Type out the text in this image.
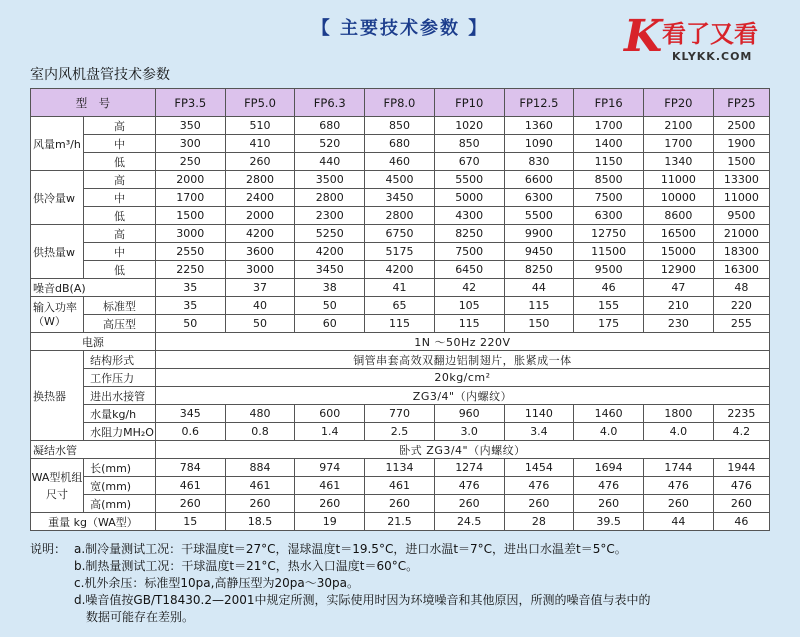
【 主要技术参数 】	K 看了又看
KLYKK.COM
室内风机盘管技术参数
型　号		FP3.5	FP5.0	FP6.3	FP8.0	FP10	FP12.5	FP16	FP20	FP25
风量m³/h	高	350	510	680	850	1020	1360	1700	2100	2500
	中	300	410	520	680	850	1090	1400	1700	1900
	低	250	260	440	460	670	830	1150	1340	1500
供冷量w	高	2000	2800	3500	4500	5500	6600	8500	11000	13300
	中	1700	2400	2800	3450	5000	6300	7500	10000	11000
	低	1500	2000	2300	2800	4300	5500	6300	8600	9500
供热量w	高	3000	4200	5250	6750	8250	9900	12750	16500	21000
	中	2550	3600	4200	5175	7500	9450	11500	15000	18300
	低	2250	3000	3450	4200	6450	8250	9500	12900	16300
噪音dB(A)		35	37	38	41	42	44	46	47	48
输入功率（W）	标准型	35	40	50	65	105	115	155	210	220
	高压型	50	50	60	115	115	150	175	230	255
电源		1N ～50Hz 220V								
换热器	结构形式	铜管串套高效双翻边铝制翅片，胀紧成一体								
	工作压力	20kg/cm²								
	进出水接管	ZG3/4"（内螺纹）								
	水量kg/h	345	480	600	770	960	1140	1460	1800	2235
	水阻力MH₂O	0.6	0.8	1.4	2.5	3.0	3.4	4.0	4.0	4.2
凝结水管		卧式 ZG3/4"（内螺纹）								
WA型机组尺寸	长(mm)	784	884	974	1134	1274	1454	1694	1744	1944
	宽(mm)	461	461	461	461	476	476	476	476	476
	高(mm)	260	260	260	260	260	260	260	260	260
重量 kg（WA型）		15	18.5	19	21.5	24.5	28	39.5	44	46
说明： a.制冷量测试工况：干球温度t＝27°C，湿球温度t＝19.5°C，进口水温t＝7°C，进出口水温差t＝5°C。
b.制热量测试工况：干球温度t＝21°C，热水入口温度t＝60°C。
c.机外余压：标准型10pa,高静压型为20pa～30pa。
d.噪音值按GB/T18430.2—2001中规定所测，实际使用时因为环境噪音和其他原因，所测的噪音值与表中的
数据可能存在差别。
